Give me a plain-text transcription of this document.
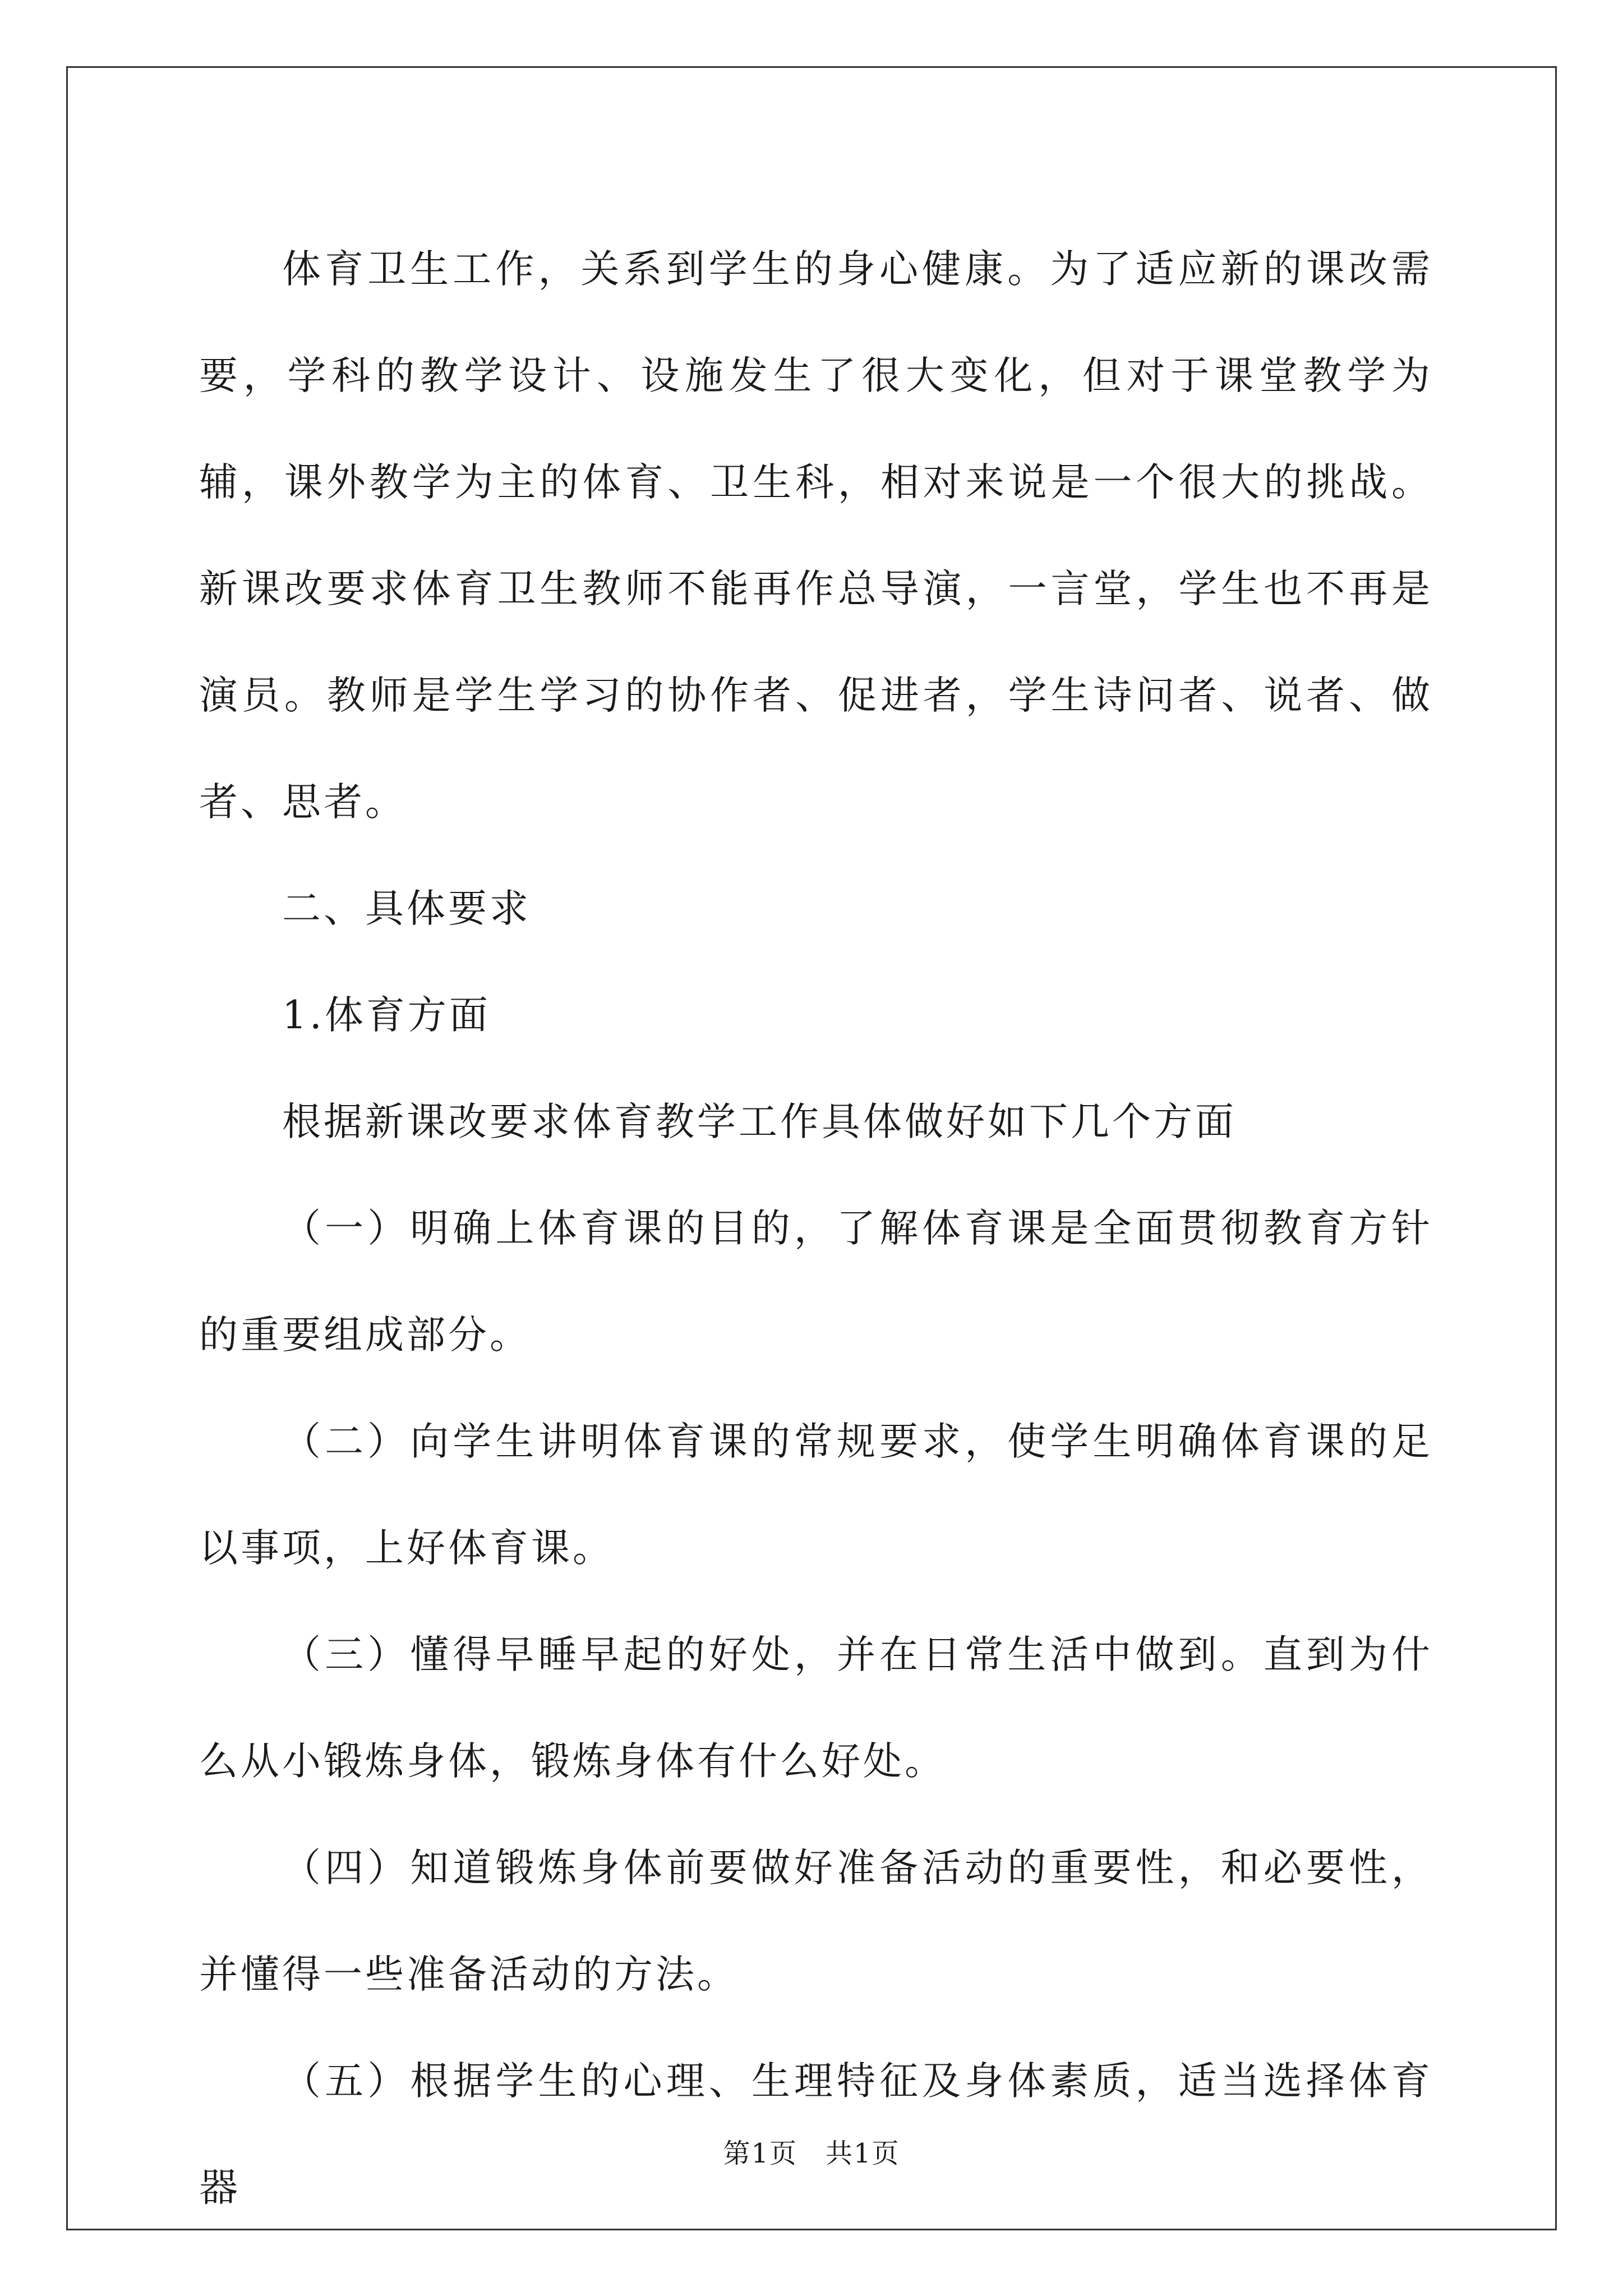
体育卫生工作，关系到学生的身心健康。为了适应新的课改需要，学科的教学设计、设施发生了很大变化，但对于课堂教学为辅，课外教学为主的体育、卫生科，相对来说是一个很大的挑战。新课改要求体育卫生教师不能再作总导演，一言堂，学生也不再是演员。教师是学生学习的协作者、促进者，学生诗问者、说者、做者、思者。

二、具体要求

1.体育方面

根据新课改要求体育教学工作具体做好如下几个方面

（一）明确上体育课的目的，了解体育课是全面贯彻教育方针的重要组成部分。

（二）向学生讲明体育课的常规要求，使学生明确体育课的足以事项，上好体育课。

（三）懂得早睡早起的好处，并在日常生活中做到。直到为什么从小锻炼身体，锻炼身体有什么好处。

（四）知道锻炼身体前要做好准备活动的重要性，和必要性，并懂得一些准备活动的方法。

（五）根据学生的心理、生理特征及身体素质，适当选择体育器

第1页　共1页
